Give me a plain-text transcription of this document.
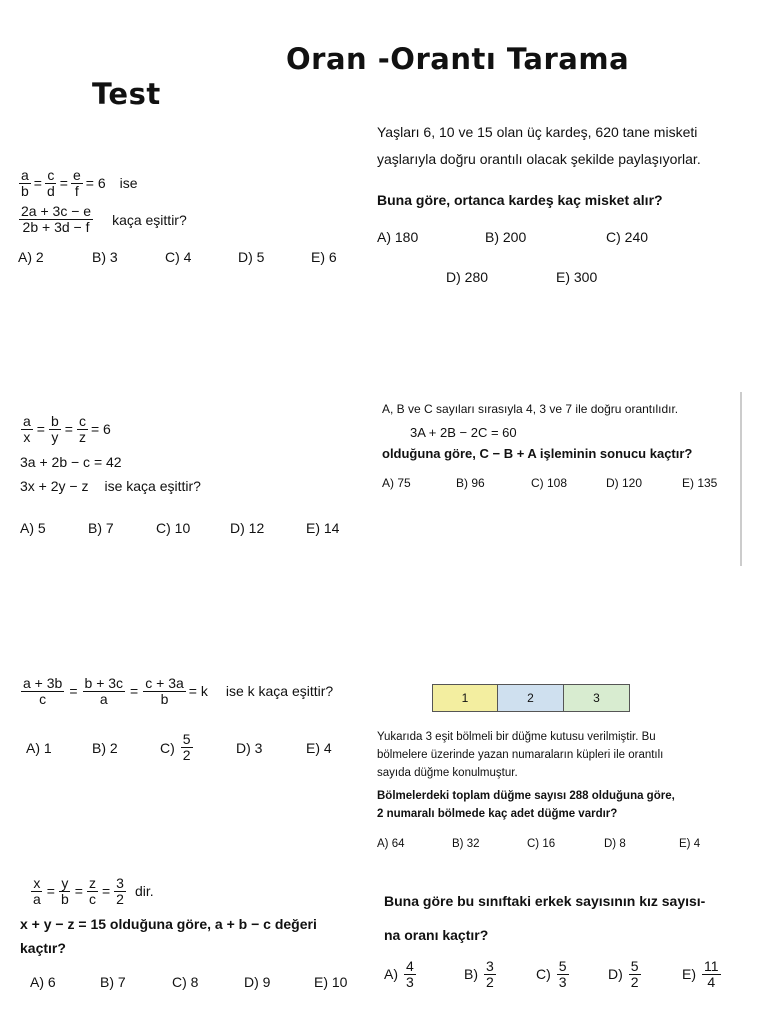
Oran -Orantı Tarama
Test
$\frac{a}{b} = \frac{c}{d} = \frac{e}{f} = 6$ ise
$\frac{2a + 3c - e}{2b + 3d - f}$ kaça eşittir?
A) 2	B) 3	C) 4	D) 5	E) 6
Yaşları 6, 10 ve 15 olan üç kardeş, 620 tane misketi
yaşlarıyla doğru orantılı olacak şekilde paylaşıyorlar.
Buna göre, ortanca kardeş kaç misket alır?
A) 180	B) 200	C) 240
D) 280	E) 300
$\frac{a}{x} = \frac{b}{y} = \frac{c}{z} = 6$
3a + 2b − c = 42
3x + 2y − z ise kaça eşittir?
A) 5	B) 7	C) 10	D) 12	E) 14
A, B ve C sayıları sırasıyla 4, 3 ve 7 ile doğru orantılıdır.
3A + 2B − 2C = 60
olduğuna göre, C − B + A işleminin sonucu kaçtır?
A) 75	B) 96	C) 108	D) 120	E) 135
$\frac{a + 3b}{c} = \frac{b + 3c}{a} = \frac{c + 3a}{b} = k$ ise k kaça eşittir?
A) 1	B) 2	$C) \frac{5}{2}$	D) 3	E) 4
1	2	3
Yukarıda 3 eşit bölmeli bir düğme kutusu verilmiştir. Bu
bölmelere üzerinde yazan numaraların küpleri ile orantılı
sayıda düğme konulmuştur.
Bölmelerdeki toplam düğme sayısı 288 olduğuna göre,
2 numaralı bölmede kaç adet düğme vardır?
A) 64	B) 32	C) 16	D) 8	E) 4
$\frac{x}{a} = \frac{y}{b} = \frac{z}{c} = \frac{3}{2}$ dir.
x + y − z = 15 olduğuna göre, a + b − c değeri
kaçtır?
A) 6	B) 7	C) 8	D) 9	E) 10
Buna göre bu sınıftaki erkek sayısının kız sayısı-
na oranı kaçtır?
$A) \frac{4}{3}$	$B) \frac{3}{2}$	$C) \frac{5}{3}$	$D) \frac{5}{2}$	$E) \frac{11}{4}$
